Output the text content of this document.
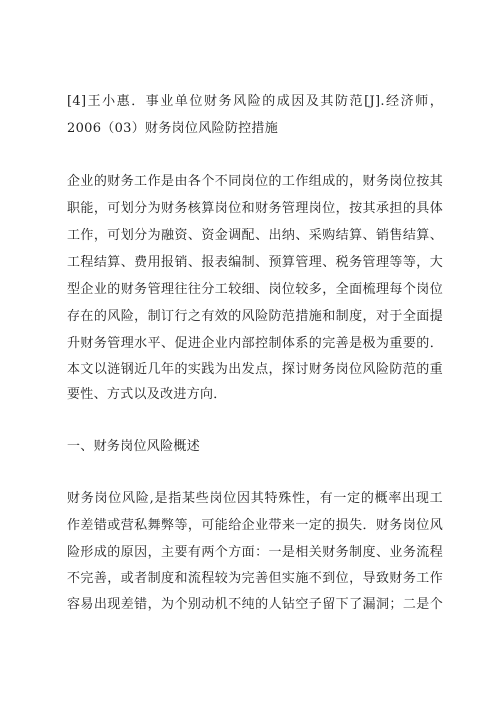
[4]王小惠．事业单位财务风险的成因及其防范[J].经济师，
2006（03）财务岗位风险防控措施
企业的财务工作是由各个不同岗位的工作组成的，财务岗位按其
职能，可划分为财务核算岗位和财务管理岗位，按其承担的具体
工作，可划分为融资、资金调配、出纳、采购结算、销售结算、
工程结算、费用报销、报表编制、预算管理、税务管理等等，大
型企业的财务管理往往分工较细、岗位较多，全面梳理每个岗位
存在的风险，制订行之有效的风险防范措施和制度，对于全面提
升财务管理水平、促进企业内部控制体系的完善是极为重要的．
本文以涟钢近几年的实践为出发点，探讨财务岗位风险防范的重
要性、方式以及改进方向．
一、财务岗位风险概述
财务岗位风险,是指某些岗位因其特殊性，有一定的概率出现工
作差错或营私舞弊等，可能给企业带来一定的损失．财务岗位风
险形成的原因，主要有两个方面：一是相关财务制度、业务流程
不完善，或者制度和流程较为完善但实施不到位，导致财务工作
容易出现差错，为个别动机不纯的人钻空子留下了漏洞；二是个
